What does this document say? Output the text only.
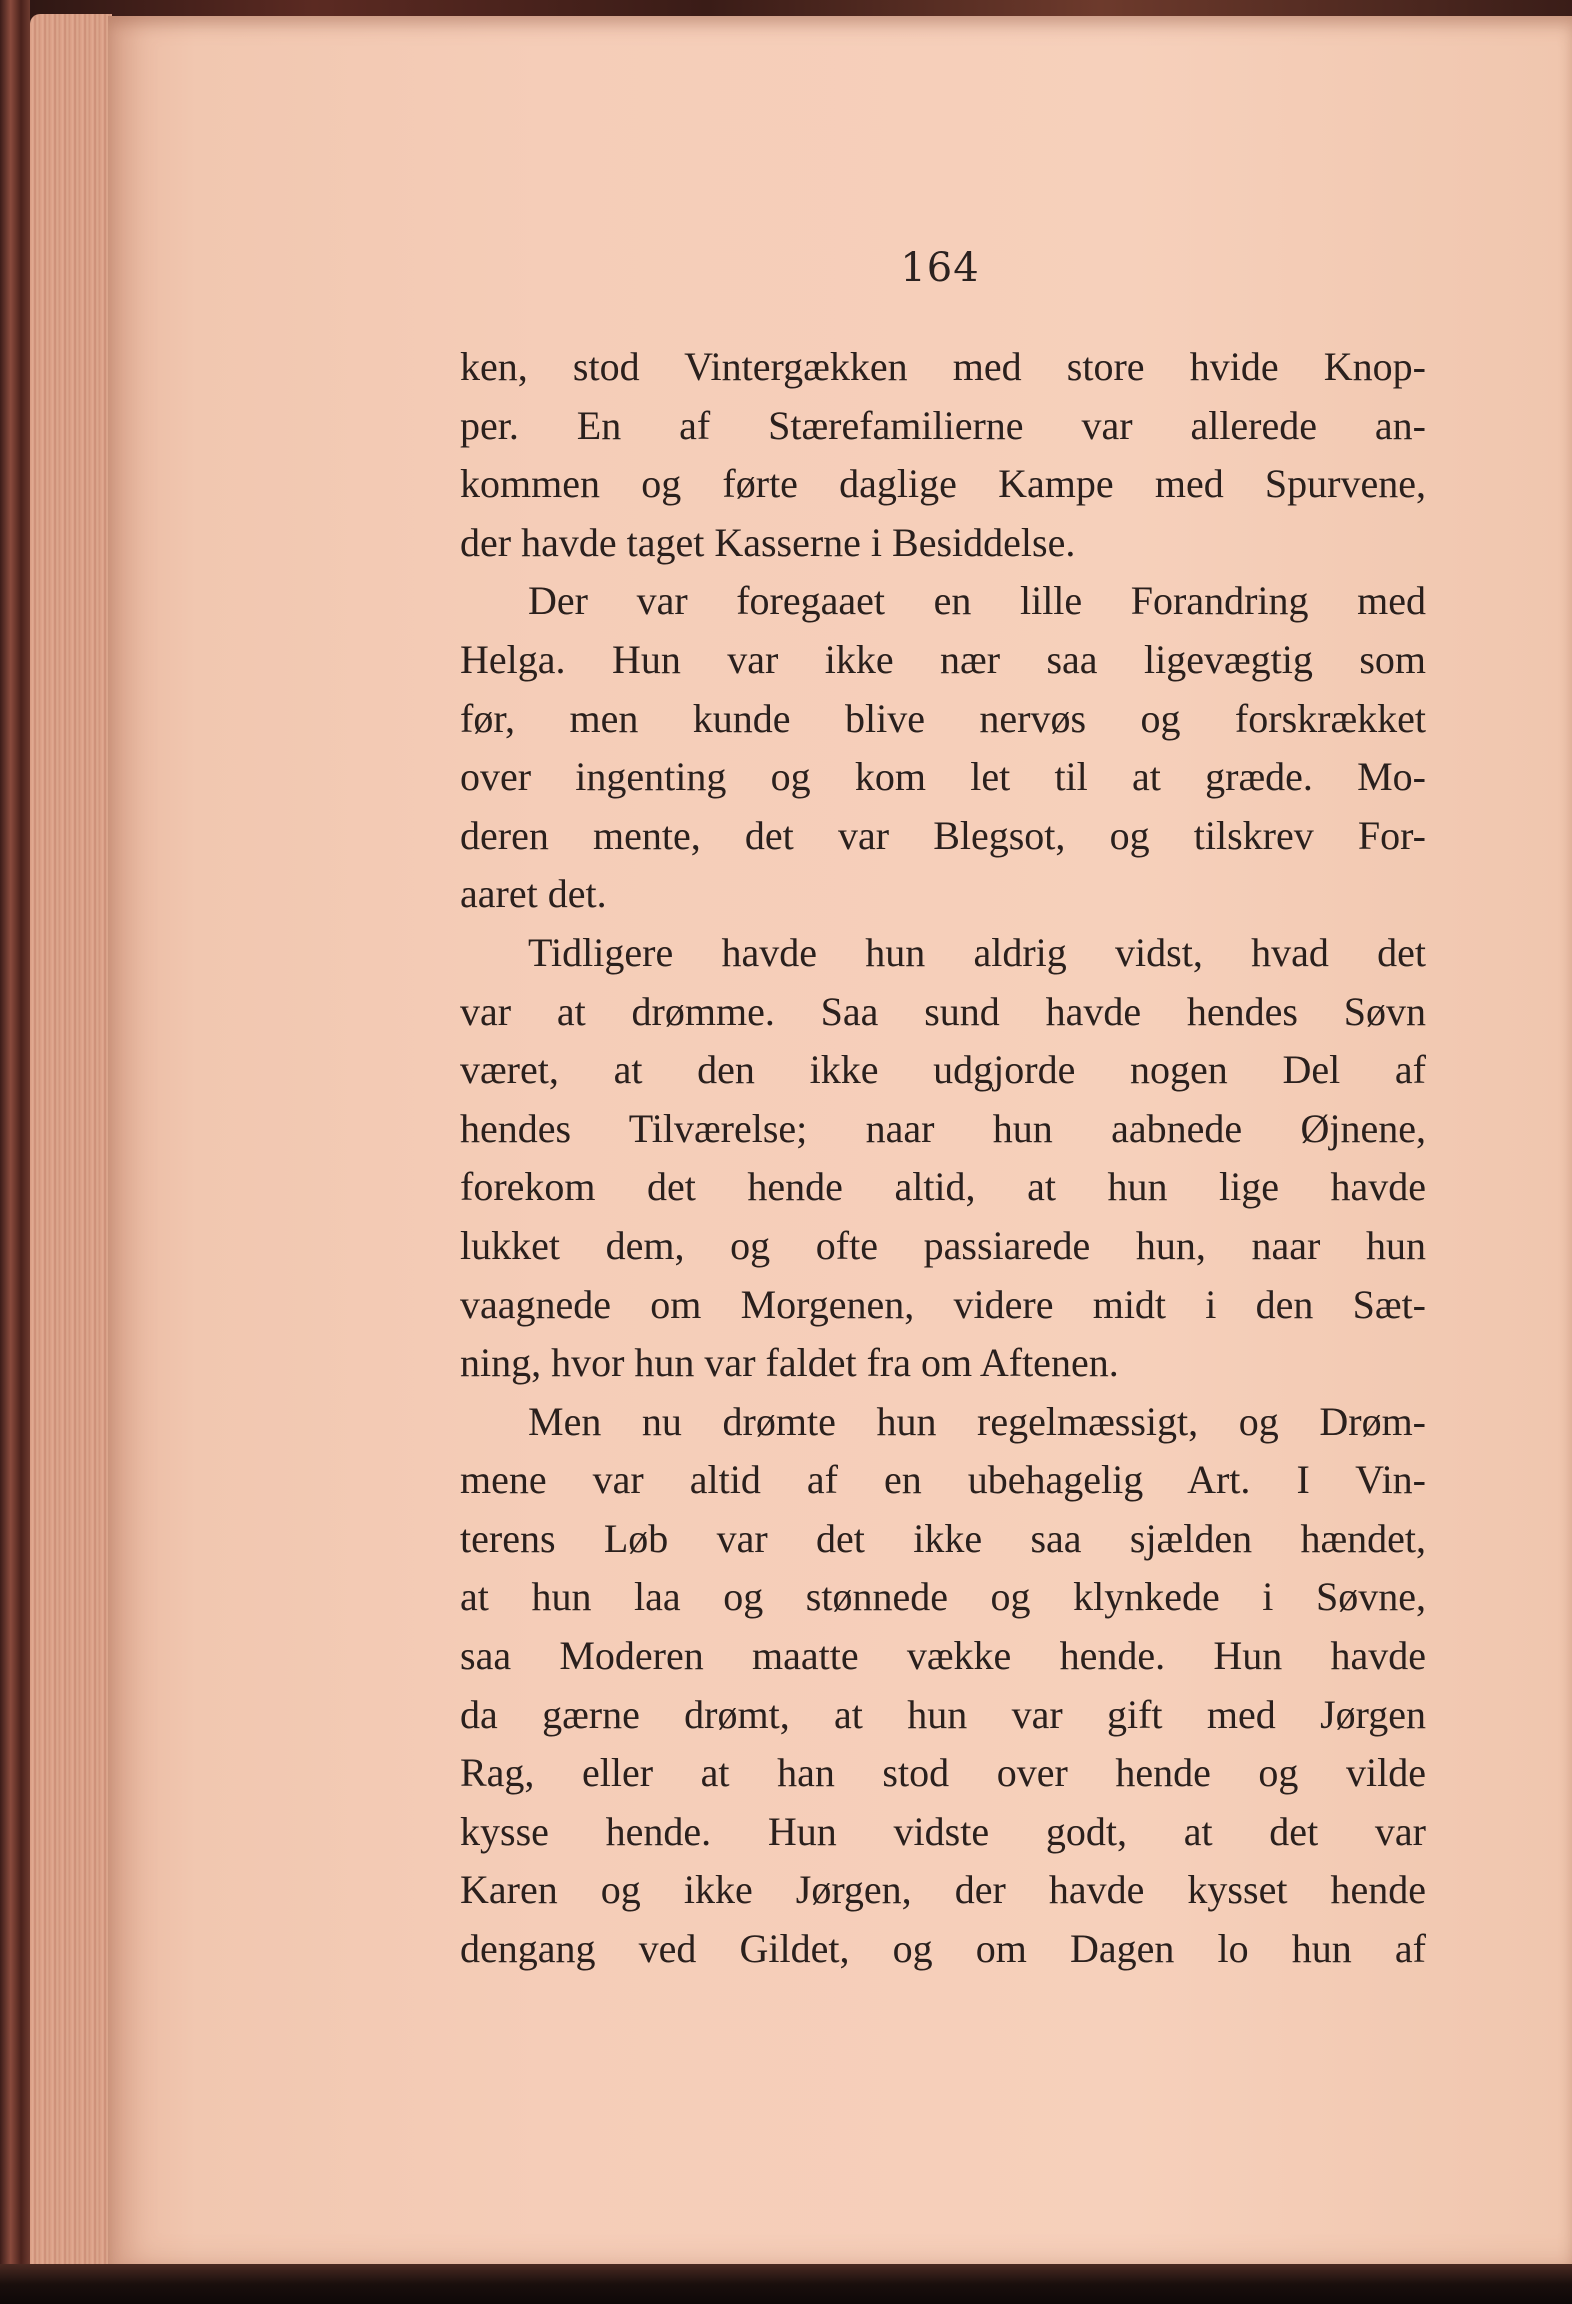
164

ken, stod Vintergækken med store hvide Knop-
per. En af Stærefamilierne var allerede an-
kommen og førte daglige Kampe med Spurvene,
der havde taget Kasserne i Besiddelse.
Der var foregaaet en lille Forandring med
Helga. Hun var ikke nær saa ligevægtig som
før, men kunde blive nervøs og forskrækket
over ingenting og kom let til at græde. Mo-
deren mente, det var Blegsot, og tilskrev For-
aaret det.
Tidligere havde hun aldrig vidst, hvad det
var at drømme. Saa sund havde hendes Søvn
været, at den ikke udgjorde nogen Del af
hendes Tilværelse; naar hun aabnede Øjnene,
forekom det hende altid, at hun lige havde
lukket dem, og ofte passiarede hun, naar hun
vaagnede om Morgenen, videre midt i den Sæt-
ning, hvor hun var faldet fra om Aftenen.
Men nu drømte hun regelmæssigt, og Drøm-
mene var altid af en ubehagelig Art. I Vin-
terens Løb var det ikke saa sjælden hændet,
at hun laa og stønnede og klynkede i Søvne,
saa Moderen maatte vække hende. Hun havde
da gærne drømt, at hun var gift med Jørgen
Rag, eller at han stod over hende og vilde
kysse hende. Hun vidste godt, at det var
Karen og ikke Jørgen, der havde kysset hende
dengang ved Gildet, og om Dagen lo hun af
